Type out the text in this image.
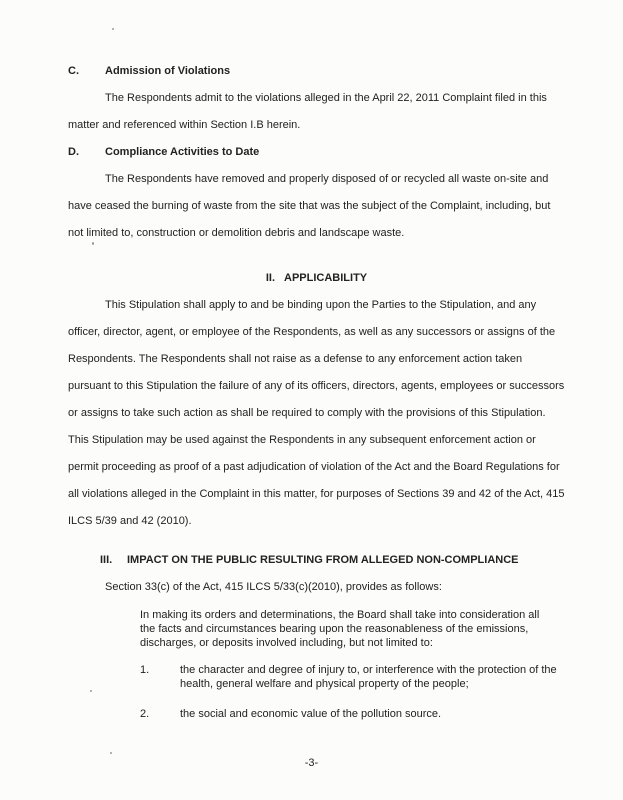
C.	Admission of Violations

The Respondents admit to the violations alleged in the April 22, 2011 Complaint filed in this matter and referenced within Section I.B herein.

D.	Compliance Activities to Date

The Respondents have removed and properly disposed of or recycled all waste on-site and have ceased the burning of waste from the site that was the subject of the Complaint, including, but not limited to, construction or demolition debris and landscape waste.

II. APPLICABILITY

This Stipulation shall apply to and be binding upon the Parties to the Stipulation, and any officer, director, agent, or employee of the Respondents, as well as any successors or assigns of the Respondents. The Respondents shall not raise as a defense to any enforcement action taken pursuant to this Stipulation the failure of any of its officers, directors, agents, employees or successors or assigns to take such action as shall be required to comply with the provisions of this Stipulation. This Stipulation may be used against the Respondents in any subsequent enforcement action or permit proceeding as proof of a past adjudication of violation of the Act and the Board Regulations for all violations alleged in the Complaint in this matter, for purposes of Sections 39 and 42 of the Act, 415 ILCS 5/39 and 42 (2010).

III.	IMPACT ON THE PUBLIC RESULTING FROM ALLEGED NON-COMPLIANCE

Section 33(c) of the Act, 415 ILCS 5/33(c)(2010), provides as follows:

In making its orders and determinations, the Board shall take into consideration all the facts and circumstances bearing upon the reasonableness of the emissions, discharges, or deposits involved including, but not limited to:
1.	the character and degree of injury to, or interference with the protection of the health, general welfare and physical property of the people;
2.	the social and economic value of the pollution source.
-3-
